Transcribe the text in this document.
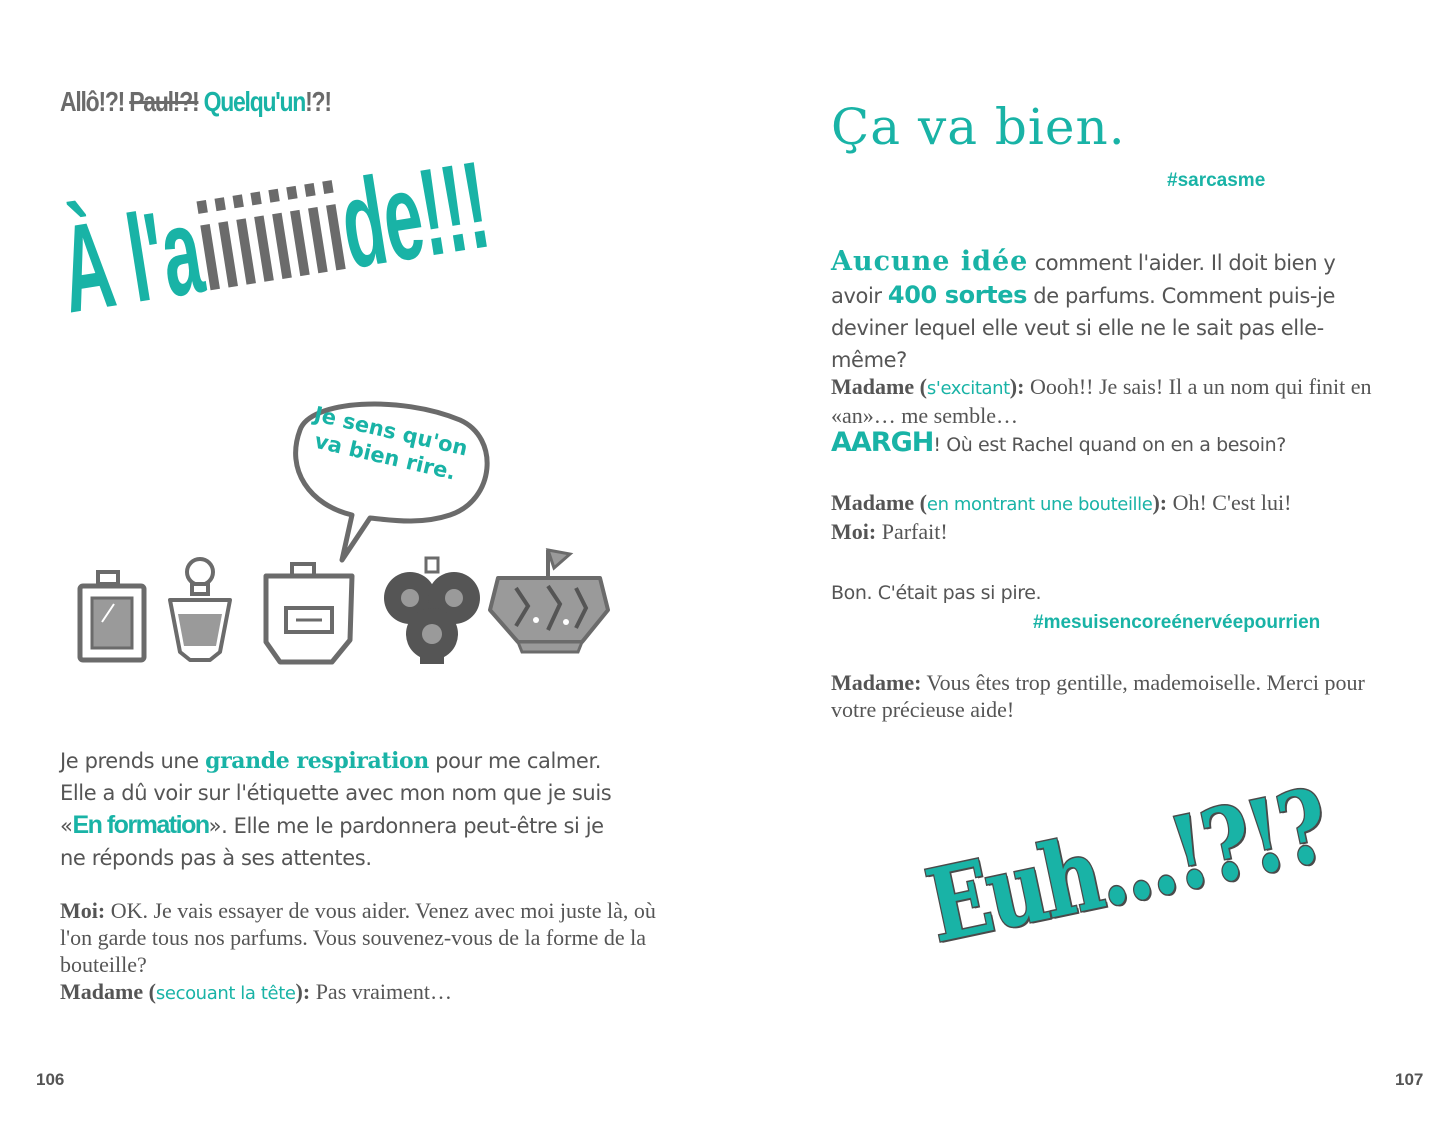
Allô!?! Paul!?! Quelqu'un!?!
À l'aiiiiiiiide!!!
Je sens qu'on va bien rire.
Je prends une grande respiration pour me calmer. Elle a dû voir sur l'étiquette avec mon nom que je suis «En formation». Elle me le pardonnera peut-être si je ne réponds pas à ses attentes.
Moi: OK. Je vais essayer de vous aider. Venez avec moi juste là, où l'on garde tous nos parfums. Vous souvenez-vous de la forme de la bouteille?
Madame (secouant la tête): Pas vraiment…
106
Ça va bien.
#sarcasme
Aucune idée comment l'aider. Il doit bien y avoir 400 sortes de parfums. Comment puis-je deviner lequel elle veut si elle ne le sait pas elle-même?
Madame (s'excitant): Oooh!! Je sais! Il a un nom qui finit en «an»… me semble…
AARGH! Où est Rachel quand on en a besoin?
Madame (en montrant une bouteille): Oh! C'est lui!
Moi: Parfait!
Bon. C'était pas si pire.
#mesuisencoreénervéepourrien
Madame: Vous êtes trop gentille, mademoiselle. Merci pour votre précieuse aide!
Euh...!?!?
107
